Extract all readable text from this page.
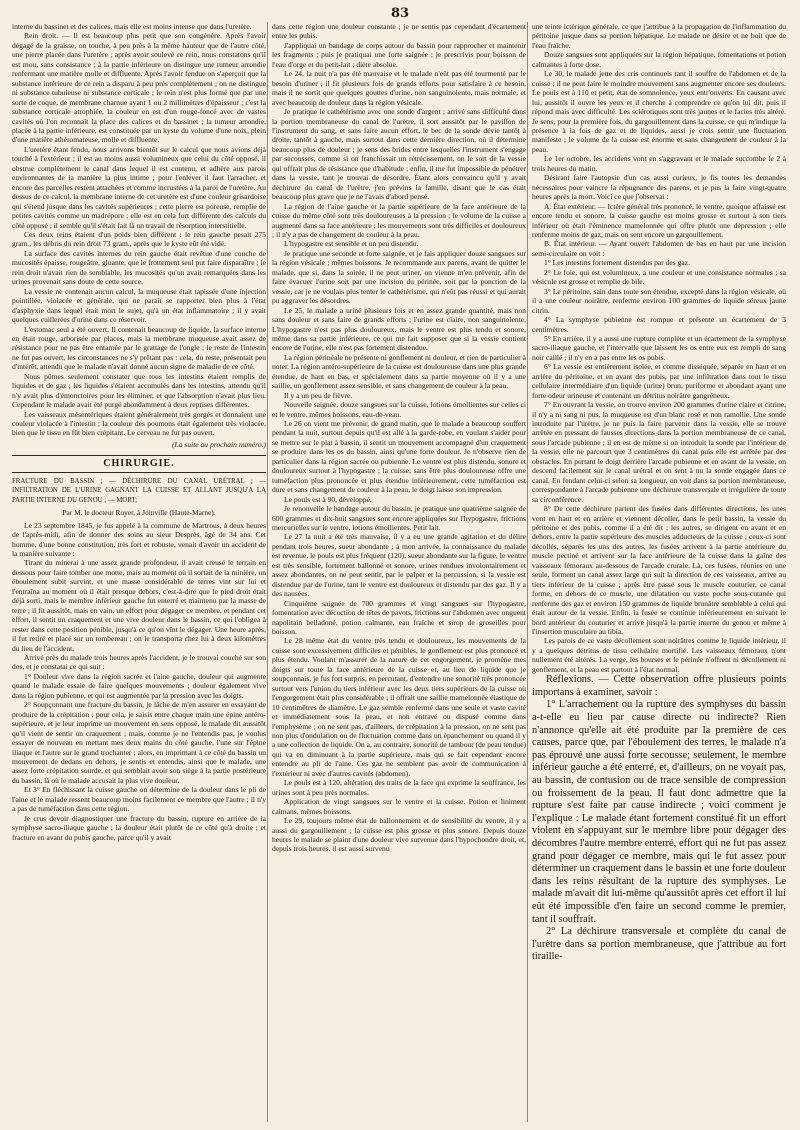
83

interne du bassinet et des calices, mais elle est moins intense que dans l'uretère.

Rein droit. — Il est beaucoup plus petit que son congénère. Après l'avoir dégagé de la graisse, on touche, à peu près à la même hauteur que de l'autre côté, une pierre placée dans l'uretère ; après avoir soulevé ce rein, nous constatons qu'il est mou, sans consistance ; à la partie inférieure on distingue une tumeur arrondie renfermant une matière molle et diffluente. Après l'avoir fendue on s'aperçoit que la substance intérieure de ce rein a disparu à peu près complètement ; on ne distingue ni substance tubuleuse ni substance corticale ; le rein n'est plus formé que par une sorte de coque, de membrane charnue ayant 1 ou 2 millimètres d'épaisseur ; c'est la substance corticale atrophiée, la couleur en est d'un rouge-foncé avec de vastes cavités où l'on reconnaît la place des calices et du bassinet ; la tumeur arrondie, placée à la partie inférieure, est constituée par un kyste du volume d'une noix, plein d'une matière athéromateuse, molle et diffluente.

L'uretère étant fendu, nous arrivons bientôt sur le calcul que nous avions déjà touché à l'extérieur ; il est au moins aussi volumineux que celui du côté opposé, il obstrue complètement le canal dans lequel il est contenu, et adhère aux parois environnantes de la manière la plus intime ; pour l'enlever il faut l'arracher, et encore des parcelles restent attachées et comme incrustées à la paroi de l'uretère. Au dessus de ce calcul, la membrane interne de cet uretère est d'une couleur grisardoise qui s'étend jusque dans les cavités supérieures ; cette pierre est poreuse, remplie de petites cavités comme un madrépore ; elle est en cela fort différente des calculs du côté opposé ; il semble qu'il s'était fait là un travail de résorption interstitielle.

Ces deux reins étaient d'un poids bien différent : le rein gauche pesait 275 gram., les débris du rein droit 73 gram., après que le kyste eût été vidé.

La surface des cavités internes du rein gauche était revêtue d'une couche de mucosités épaisse, rougeâtre, gluante, que le frottement seul put faire disparaître ; le rein droit n'avait rien de semblable, les mucosités qu'on avait remarquées dans les urines provenait sans doute de cette source.

La vessie ne contenait aucun calcul, la muqueuse était tapissée d'une injection pointillée, violacée et générale, qui ne paraît se rapporter bien plus à l'état d'asphyxie dans lequel était mort le sujet, qu'à un état inflammatoire ; il y avait quelques cuillerées d'urine dans ce réservoir.

L'estomac seul a été ouvert. Il contenait beaucoup de liquide, la surface interne en était rouge, arborisée par places, mais la membrane muqueuse avait assez de résistance pour ne pas être entamée par le grattage de l'ongle ; le reste de l'intestin ne fut pas ouvert, les circonstances ne s'y prêtant pas : cela, du reste, présentait peu d'intérêt, attendu que le malade n'avait donné aucun signe de maladie de ce côté.

Nous pûmes seulement constater que tous les intestins étaient remplis de liquides et de gaz ; les liquides s'étaient accumulés dans les intestins, attendu qu'il n'y avait plus d'émonctoires pour les éliminer, et que l'absorption n'avait plus lieu. Cependant le malade avait été purgé abondamment à deux reprises différentes.

Les vaisseaux mésentériques étaient généralement très gorgés et donnaient une couleur violacée à l'intestin ; la couleur des poumons était également très violacée, bien que le tissu en fût bien crépitant. Le cerveau ne fut pas ouvert.

(La suite au prochain numéro.)
CHIRURGIE.
FRACTURE DU BASSIN ; — DÉCHIRURE DU CANAL URÉTRAL ; — INFILTRATION DE L'URINE GAGNANT LA CUISSE ET ALLANT JUSQU'A LA PARTIE INTERNE DU GENOU ; — MORT;
Par M. le docteur Royer, à Joinville (Haute-Marne).

Le 23 septembre 1845, je fus appelé à la commune de Martrous, à deux heures de l'après-midi, afin de donner des soins au sieur Desprès, âgé de 34 ans. Cet homme, d'une bonne constitution, très fort et robuste, venait d'avoir un accident de la manière suivante :

Tirant du minerai à une assez grande profondeur, il avait creusé le terrain en dessous pour faire tomber une motte, mais au moment où il sortait de la minière, un éboulement subit survint, et une masse considérable de terres vint sur lui et l'entraîna au moment où il était presque debors, c'est-à-dire que le pied droit était déjà sorti, mais le membre inférieur gauche fut enterré et maintenu par la masse de terre ; il fit aussitôt, mais en vain, un effort pour dégager ce membre, et pendant cet effort, il sentit un craquement et une vive douleur dans le bassin, ce qui l'obligea à rester dans cette position pénible, jusqu'à ce qu'on vînt le dégager. Une heure après, il fut retiré et placé sur un tombereau ; on le transporta chez lui à deux kilomètres du lieu de l'accident.

Arrivé près du malade trois heures après l'accident, je le trouvai couché sur son dos, et je constatai ce qui suit :

1° Douleur vive dans la région sacrée et l'aine gauche, douleur qui augmente quand le malade essaie de faire quelques mouvements ; douleur également vive dans la région pubienne, et qui est augmentée par la pression avec les doigts.

2° Soupçonnant une fracture du bassin, je lâche de m'en assurer en essayant de produire de la crépitation ; pour cela, je saisis entre chaque main une épine antéro-supérieure, et je leur imprime un mouvement en sens opposé, le malade dit aussitôt qu'il vient de sentir un craquement ; mais, comme je ne l'entendis pas, je voulus essayer de nouveau en mettant mes deux mains du côté gauche, l'une sur l'épine iliaque et l'autre sur le grand trochanter ; alors, en imprimant à ce côté du bassin un mouvement de dedans en dehors, je sentis et entendis, ainsi que le malade, une assez forte crépitation sourde, et qui semblait avoir son siège à la partie postérieure du bassin, là où le malade accusait la plus vive douleur.

Et 3° En fléchissant la cuisse gauche on détermine de la douleur dans le pli de l'aine et le malade ressent beaucoup moins facilement ce membre que l'autre ; il n'y a pas de tuméfaction dans cette région.

Je crus devoir diagnostiquer une fracture du bassin, rupture en arrière de la symphyse sacro-iliaque gauche ; la douleur était plutôt de ce côté qu'à droite ; et fracture en avant du pubis gauche, parce qu'il y avait

dans cette région une douleur constante ; je ne sentis pas cependant d'écartement entre les pubis.

J'appliquai un bandage de corps autour du bassin pour rapprocher et maintenir les fragments ; puis je pratiquai une forte saignée ; je prescrivis pour boisson de l'eau d'orge et du petit-lait ; diète absolue.

Le 24, la nuit n'a pas été mauvaise et le malade n'eût pas été tourmenté par le besoin d'uriner ; il fit plusieurs fois de grands efforts pour satisfaire à ce besoin, mais il ne sortit que quelques gouttes d'urine, non sanguinolente, mais normale, et avec beaucoup de douleur dans la région vésicale.

Je pratique le cathétérisme avec une sonde d'argent ; arrivé sans difficulté dans la portion membraneuse du canal de l'urètre, il sort aussitôt par le pavillon de l'instrument du sang, et sans faire aucun effort, le bec de la sonde dévie tantôt à droite, tantôt à gauche, mais surtout dans cette dernière direction, où il détermine beaucoup plus de douleur ; je sens des brides entre lesquelles l'instrument s'engage par secousses, comme si on franchissait un rétrécissement, on le sort de la vessie qui offrait plus de résistance que d'habitude ; enfin, il me fut impossible de pénétrer dans la vessie, tant je trouvai de désordre. Étant alors convaincu qu'il y avait déchirure du canal de l'urètre, j'en prévins la famille, disant que le cas était beaucoup plus grave que je ne l'avais d'abord pensé.

La région de l'aine gauche et la partie supérieure de la face antérieure de la cuisse du même côté sont très douloureuses à la pression ; le volume de la cuisse a augmenté dans sa face antérieure ; les mouvements sont très difficiles et douloureux ; il n'y a pas de changement de couleur à la peau.

L'hypogastre est sensible et un peu distendu.

Je pratique une seconde et forte saignée, et je fais appliquer douze sangsues sur la région vésicale ; mêmes boissons. Je recommande aux parens, avant de quitter le malade, que si, dans la soirée, il ne peut uriner, on vienne m'en prévenir, afin de faire évacuer l'urine soit par une incision du périnée, soit par la ponction de la vessie, car je ne voulais plus tenter le cathétérisme, qui n'eût pas réussi et qui aurait pu aggraver les désordres.

Le 25, le malade a uriné plusieurs fois et en assez grande quantité, mais non sans douleur et sans faire de grands efforts ; l'urine est claire, non sanguinolente. L'hypogastre n'est pas plus douloureux, mais le ventre est plus tendu et sonore, même dans sa partie inférieure, ce qui me fait supposer que si la vessie contient encore de l'urine, elle n'est pas fortement distendue.

La région périnéale ne présente ni gonflement ni douleur, et rien de particulier à noter. La région antéro-supérieure de la cuisse est douloureuse dans une plus grande étendue, de haut en bas, et spécialement dans sa partie moyenne où il y a une saillie, un gonflement assez sensible, et sans changement de couleur à la peau.

Il y a un peu de fièvre.

Nouvelle saignée, douze sangsues sur la cuisse, lotions émollientes sur celles ci et le ventre, mêmes boissons, eau-de-veau.

Le 26 on vient me prévenir, de grand matin, que le malade a beaucoup souffert pendant la nuit, surtout depuis qu'il est allé à la garde-robe, en voulant s'aider pour se mettre sur le plat à bassin, il sentit un mouvement accompagné d'un craquement se produire dans les os du bassin, ainsi qu'une forte douleur. Je n'observe rien de particulier dans la région sacrée ou pubienne. Le ventre est plus distendu, sonore et douloureux surtout à l'hypogastre ; la cuisse, sans être plus douloureuse offre une tuméfaction plus prononcée et plus étendue inférieurement, cette tuméfaction est dure et sans changement de couleur à la peau, le doigt laisse son impression.

Le pouls est à 90, développé.

Je renouvelle le bandage autour du bassin, je pratique une quatrième saignée de 600 grammes et dix-huit sangsues sont encore appliquées sur l'hypogastre, frictions mercurielles sur le ventre, lotions émollientes. Petit lait.

Le 27 la nuit a été très mauvaise, il y a eu une grande agitation et du délire pendant trois heures, sueur abondante ; à mon arrivée, la connaissance du malade est revenue, le pouls est plus fréquent (120), sueur abondante sur la figure, le ventre est très sensible, fortement ballonné et sonore, urines rendues involontairement et assez abondantes, on ne peut sentir, par le palper et la percussion, si la vessie est distendue par de l'urine, tant le ventre est douloureux et distendu par des gaz. Il y a des nausées.

Cinquième saignée de 700 grammes et vingt sangsues sur l'hypogastre, fomentation avec décoction de têtes de pavots, frictions sur l'abdomen avec onguent napolitain belladoné, potion calmante, eau fraîche et sirop de groseilles pour boisson.

Le 28 même état du ventre très tendu et douloureux, les mouvements de la cuisse sont excessivement difficiles et pénibles, le gonflement est plus prononcé et plus étendu. Voulant m'assurer de la nature de cet engorgement, je promène mes doigts sur toute la face antérieure de la cuisse et, au lieu de liquide que je soupçonnais, je fus fort surpris, en percutant, d'entendre une sonorité très prononcée surtout vers l'union du tiers inférieur avec les deux tiers supérieurs de la cuisse où l'engorgement était plus considérable ; il offrait une saillie mamelonnée élastique de 10 centimètres de diamètre. Le gaz semble renfermé dans une seule et vaste cavité et immédiatement sous la peau, et non entravé ou disposé comme dans l'emphysème ; on ne sent pas, d'ailleurs, de crépitation à la pression, on ne sent pas non plus d'ondulation ou de fluctuation comme dans un épanchement ou quand il y a une collection de liquide. On a, au contraire, sonorité de tambour (de peau tendue) qui va en diminuant à la partie supérieure, mais qui se fait cependant encore entendre au pli de l'aine. Ces gaz ne semblent pas avoir de communication à l'extérieur ni avec d'autres cavités (abdomen).

Le pouls est à 120, altération des traits de la face qui exprime la souffrance, les urines sont à peu près normales.

Application de vingt sangsues sur le ventre et la cuisse. Potion et liniment calmans, mêmes boissons.

Le 29, toujours même état de ballonnement et de sensibilité du ventre, il y a aussi du gargouillement ; la cuisse est plus grosse et plus sonore. Depuis douze heures le malade se plaint d'une douleur vive survenue dans l'hypochondre droit, et, depuis trois heures, il est aussi survenu

une teinte ictérique générale, ce que j'attribue à la propagation de l'inflammation du péritoine jusque dans sa portion hépatique. Le malade ne désire et ne boit que de l'eau fraîche.

Douze sangsues sont appliquées sur la région hépatique, fomentations et potion calmantes à forte dose.

Le 30, le malade jette des cris continuels tant il souffre de l'abdomen et de la cuisse ; il ne peut faire le moindre mouvement sans augmenter encore ses douleurs. Le pouls est à 110 et petit, état de somnolence, yeux entr'ouverts. En causant avec lui, aussitôt il ouvre les yeux et il cherche à comprendre ce qu'on lui dit, puis il répond mais avec difficulté. Les sclérotiques sont très jaunes et le facies très altéré. Je sens, pour la première fois, du gargouillement dans la cuisse, ce qui m'indique la présence à la fois de gaz et de liquides, aussi je crois sentir une fluctuation manifeste ; le volume de la cuisse est énorme et sans changement de couleur à la peau.

Le 1er octobre, les accidens vont en s'aggravant et le malade succombe le 2 à trois heures du matin.

Désirant faire l'autopsie d'un cas aussi curieux, je fis toutes les demandes nécessaires pour vaincre la répugnance des parens, et je pus la faire vingt-quatre heures après la mort. Voici ce que j'observai :

A. État extérieur. — Ictère général très prononcé, le ventre, quoique affaissé est encore tendu et sonore, la cuisse gauche est moins grosse et surtout à son tiers inférieur où était l'éminence mamelonnée qui offre plutôt une dépression ; elle renferme moins de gaz, mais on sent encore un gargouillement.

B. État intérieur. — Ayant ouvert l'abdomen de bas en haut par une incision semi-circulaire on voit :

1° Les intestins fortement distendus par des gaz.

2° Le foie, qui est volumineux, a une couleur et une consistance normales ; sa vésicule est grosse et remplie de bile.

3° Le péritoine, sain dans toute son étendue, excepté dans la région vésicale, où il a une couleur noirâtre, renferme environ 100 grammes de liquide séreux jaune citrin.

4° La symphyse pubienne est rompue et présente un écartement de 3 centimètres.

5° En arrière, il y a aussi une rupture complète et un écartement de la symphyse sacro-iliaque gauche, et l'intervalle que laissent les os entre eux est rempli de sang noir caillé ; il n'y en a pas entre les os pubis.

6° La vessie est entièrement isolée, et comme disséquée, séparée en haut et en arrière du péritoine, et en avant des pubis, par une infiltration dans tout le tissu cellulaire intermédiaire d'un liquide (urine) brun, puriforme et abondant ayant une forte odeur urineuse et contenant un détritus noirâtre gangréneux.

7° En ouvrant la vessie, on trouve environ 200 grammes d'urine claire et citrine, il n'y a ni sang ni pus, la muqueuse est d'un blanc rosé et non ramollie. Une sonde introduite par l'urètre, je ne puis la faire parvenir dans la vessie, elle se trouve arrêtée en pressant de fausses directions dans la portion membraneuse de ce canal, sous l'arcade pubienne ; il en est de même si on introduit la sonde par l'intérieur de la vessie, elle ne parcourt que 3 centimètres du canal puis elle est arrêtée par des obstacles. En portant le doigt derrière l'arcade pubienne et en avant de la vessie, on descend facilement sur le canal urétral et on sent à nu la sonde engagée dans ce canal. En fendant celui-ci selon sa longueur, on voit dans sa portion membraneuse, correspondante à l'arcade pubienne une déchirure transversale et irrégulière de toute sa circonférence.

8° De cette déchirure partent des fusées dans différentes directions, les unes vont en haut et en arrière et viennent décoller, dans le petit bassin, la vessie du péritoine et des pubis, comme il a été dit ; les autres, se dirigent en avant et en dehors, entre la partie supérieure des muscles adducteurs de la cuisse ; ceux-ci sont décollés, séparés les uns des autres, les fusées arrivent à la partie antérieure du muscle pectiné et arrivent sur la face antérieure de la cuisse dans la gaîne des vaisseaux fémoraux au-dessous de l'arcade crurale. Là, ces fusées, réunies en une seule, forment un canal assez large qui suit la direction de ces vaisseaux, arrive au tiers inférieur de la cuisse ; après être passé sous le muscle couturier, ce canal forme, en dehors de ce muscle, une dilatation ou vaste poche sous-cutanée qui renferme des gaz et environ 150 grammes de liquide brunâtre semblable à celui qui était autour de la vessie. Enfin, la fusée se continue inférieurement en suivant le bord antérieur du couturier et arrive jusqu'à la partie interne du genou et même à l'insertion musculaire au tibia.

Les parois de ce vaste décollement sont noirâtres comme le liquide intérieur, il y a quelques détritus de tissu cellulaire mortifié. Les vaisseaux fémoraux n'ont nullement été altérés. La verge, les bourses et le périnée n'offrent ni décollement ni gonflement, et la peau est partout à l'état normal.

Réflexions. — Cette observation offre plusieurs points importans à examiner, savoir :

1° L'arrachement ou la rupture des symphyses du bassin a-t-elle eu lieu par cause directe ou indirecte? Rien n'annonce qu'elle ait été produite par la première de ces causes, parce que, par l'éboulement des terres, le malade n'a pas éprouvé une aussi forte secousse; seulement, le membre inférieur gauche a été enterré, et, d'ailleurs, on ne voyait pas, au bassin, de contusion ou de trace sensible de compression ou froissement de la peau. Il faut donc admettre que la rupture s'est faite par cause indirecte ; voici comment je l'explique : Le malade étant fortement constitué fit un effort violent en s'appuyant sur le membre libre pour dégager des décombres l'autre membre enterré, effort qui ne fut pas assez grand pour dégager ce membre, mais qui le fut assez pour déterminer un craquement dans le bassin et une forte douleur dans les reins résultant de la rupture des symphyses. Le malade m'avait dit lui-même qu'aussitôt après cet effort il lui eût été impossible d'en faire un second comme le premier, tant il souffrait.

2° La déchirure transversale et complète du canal de l'urètre dans sa portion membraneuse, que j'attribue au fort tiraille-
